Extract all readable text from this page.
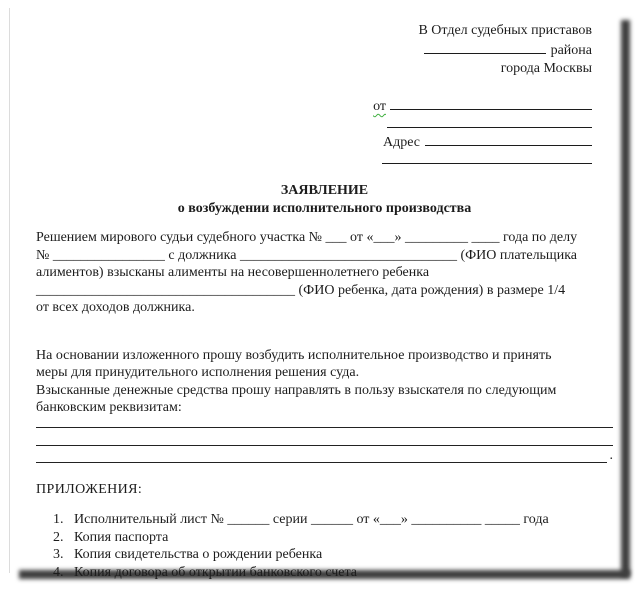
В Отдел судебных приставов
района
города Москвы
от
Адрес
ЗАЯВЛЕНИЕ
о возбуждении исполнительного производства
Решением мирового судьи судебного участка № ___ от «___» _________ ____ года по делу
№ ________________ с должника _______________________________ (ФИО плательщика
алиментов) взысканы алименты на несовершеннолетнего ребенка
_____________________________________ (ФИО ребенка, дата рождения) в размере 1/4
от всех доходов должника.
На основании изложенного прошу возбудить исполнительное производство и принять
меры для принудительного исполнения решения суда.
Взысканные денежные средства прошу направлять в пользу взыскателя по следующим
банковским реквизитам:
.
ПРИЛОЖЕНИЯ:
1. Исполнительный лист № ______ серии ______ от «___» __________ _____ года
2. Копия паспорта
3. Копия свидетельства о рождении ребенка
4. Копия договора об открытии банковского счета
